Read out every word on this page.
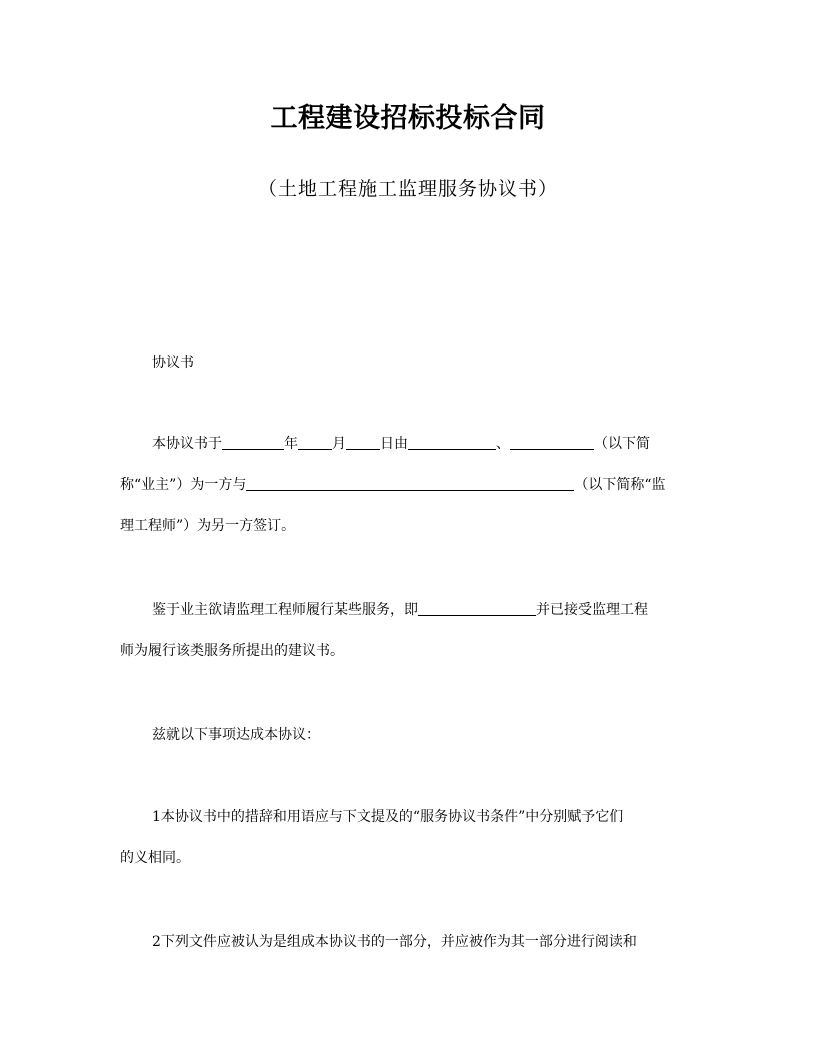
工程建设招标投标合同
（土地工程施工监理服务协议书）
协议书
本协议书于	年 月 日由	、	（以下简
称“业主”）为一方与	（以下简称“监
理工程师”）为另一方签订。
鉴于业主欲请监理工程师履行某些服务，即	并已接受监理工程
师为履行该类服务所提出的建议书。
兹就以下事项达成本协议：
1本协议书中的措辞和用语应与下文提及的“服务协议书条件”中分别赋予它们
的义相同。
2下列文件应被认为是组成本协议书的一部分，并应被作为其一部分进行阅读和
